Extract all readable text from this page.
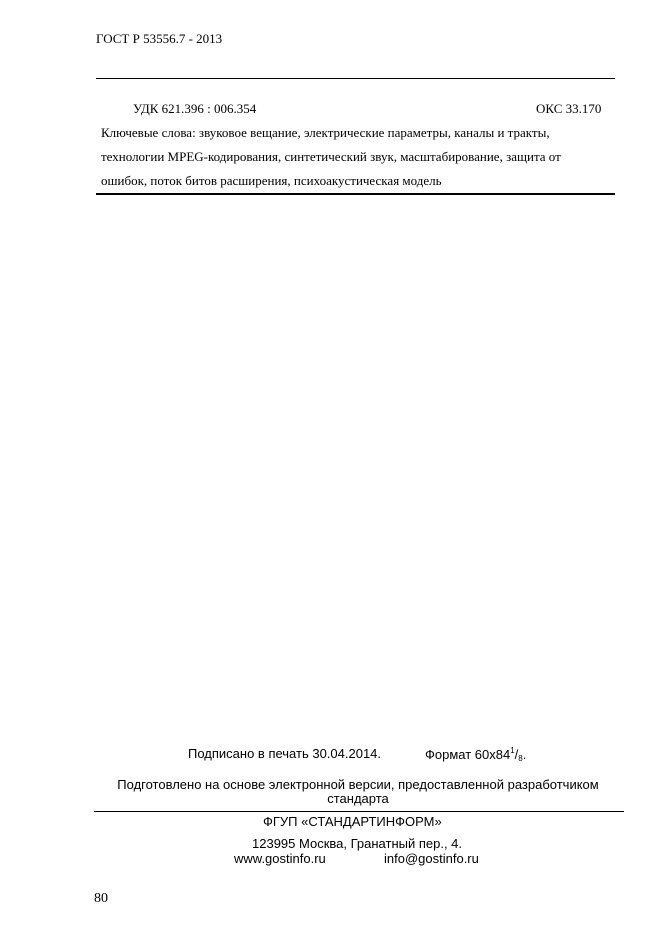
ГОСТ Р 53556.7 - 2013
УДК 621.396 : 006.354	ОКС 33.170
Ключевые слова: звуковое вещание, электрические параметры, каналы и тракты,
технологии MPEG-кодирования, синтетический звук, масштабирование, защита от
ошибок, поток битов расширения, психоакустическая модель
Подписано в печать 30.04.2014.	Формат $60х84^1/_8$.
Подготовлено на основе электронной версии, предоставленной разработчиком
стандарта
ФГУП «СТАНДАРТИНФОРМ»
123995 Москва, Гранатный пер., 4.
www.gostinfo.ru	info@gostinfo.ru
80
